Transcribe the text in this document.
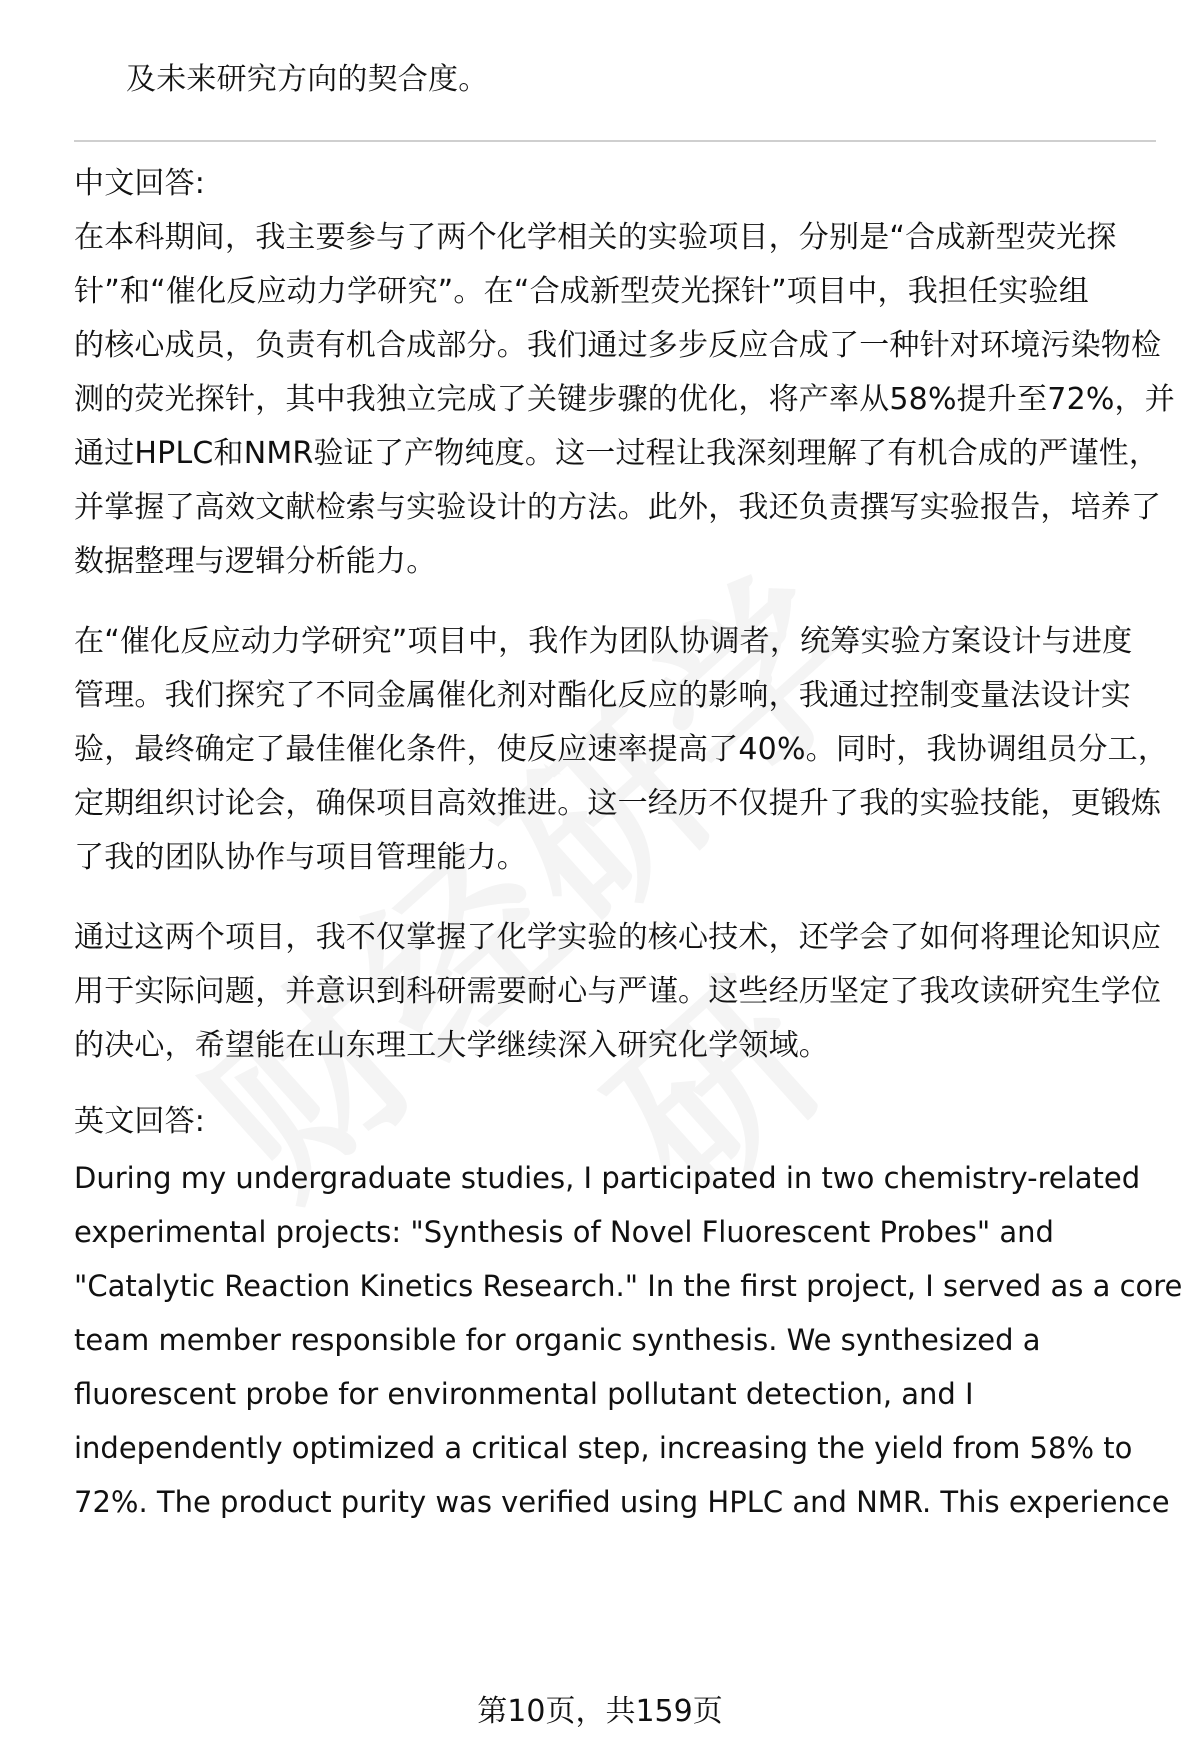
及未来研究方向的契合度。
中文回答:
在本科期间，我主要参与了两个化学相关的实验项目，分别是“合成新型荧光探
针”和“催化反应动力学研究”。在“合成新型荧光探针”项目中，我担任实验组
的核心成员，负责有机合成部分。我们通过多步反应合成了一种针对环境污染物检
测的荧光探针，其中我独立完成了关键步骤的优化，将产率从58%提升至72%，并
通过HPLC和NMR验证了产物纯度。这一过程让我深刻理解了有机合成的严谨性，
并掌握了高效文献检索与实验设计的方法。此外，我还负责撰写实验报告，培养了
数据整理与逻辑分析能力。
在“催化反应动力学研究”项目中，我作为团队协调者，统筹实验方案设计与进度
管理。我们探究了不同金属催化剂对酯化反应的影响，我通过控制变量法设计实
验，最终确定了最佳催化条件，使反应速率提高了40%。同时，我协调组员分工，
定期组织讨论会，确保项目高效推进。这一经历不仅提升了我的实验技能，更锻炼
了我的团队协作与项目管理能力。
通过这两个项目，我不仅掌握了化学实验的核心技术，还学会了如何将理论知识应
用于实际问题，并意识到科研需要耐心与严谨。这些经历坚定了我攻读研究生学位
的决心，希望能在山东理工大学继续深入研究化学领域。
英文回答:
During my undergraduate studies, I participated in two chemistry-related
experimental projects: "Synthesis of Novel Fluorescent Probes" and
"Catalytic Reaction Kinetics Research." In the first project, I served as a core
team member responsible for organic synthesis. We synthesized a
fluorescent probe for environmental pollutant detection, and I
independently optimized a critical step, increasing the yield from 58% to
72%. The product purity was verified using HPLC and NMR. This experience
第10页，共159页
